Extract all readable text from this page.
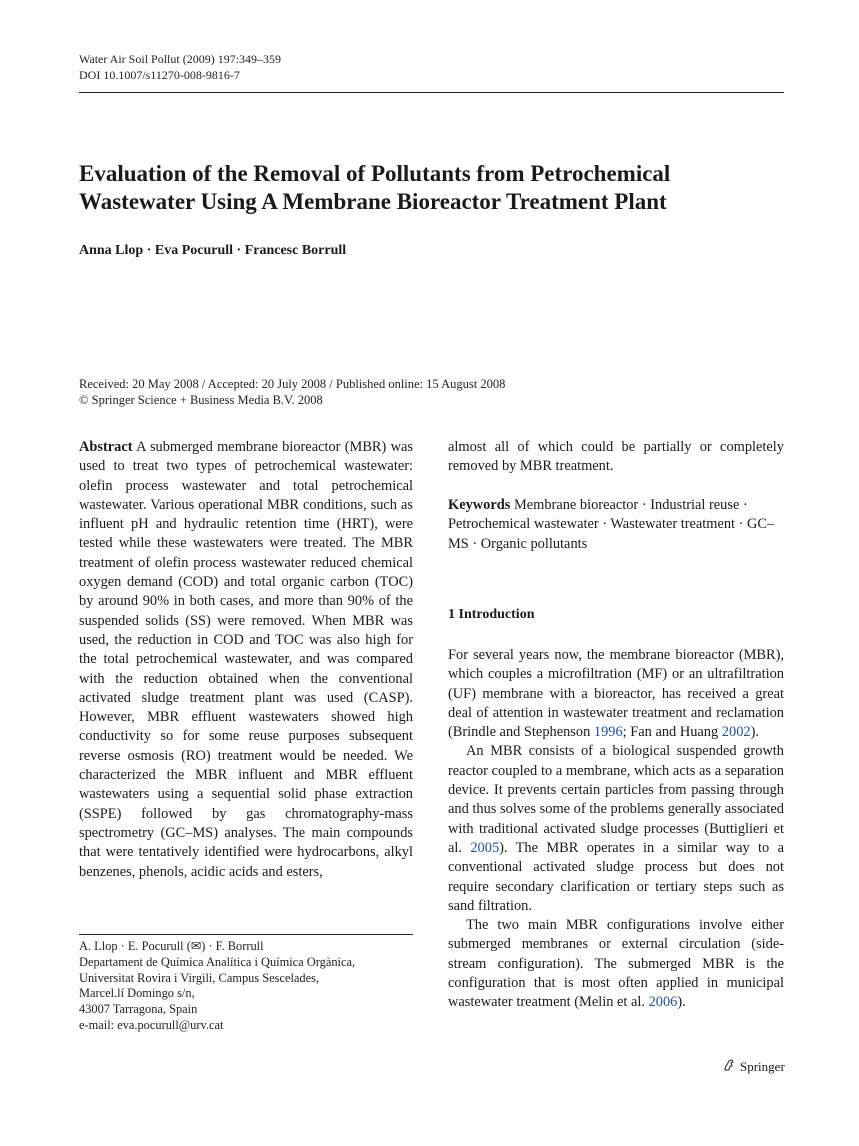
Water Air Soil Pollut (2009) 197:349–359
DOI 10.1007/s11270-008-9816-7
Evaluation of the Removal of Pollutants from Petrochemical
Wastewater Using A Membrane Bioreactor Treatment Plant
Anna Llop · Eva Pocurull · Francesc Borrull
Received: 20 May 2008 / Accepted: 20 July 2008 / Published online: 15 August 2008
© Springer Science + Business Media B.V. 2008

Abstract A submerged membrane bioreactor (MBR) was used to treat two types of petrochemical wastewater: olefin process wastewater and total petrochemical wastewater. Various operational MBR conditions, such as influent pH and hydraulic retention time (HRT), were tested while these wastewaters were treated. The MBR treatment of olefin process wastewater reduced chemical oxygen demand (COD) and total organic carbon (TOC) by around 90% in both cases, and more than 90% of the suspended solids (SS) were removed. When MBR was used, the reduction in COD and TOC was also high for the total petrochemical wastewater, and was compared with the reduction obtained when the conventional activated sludge treatment plant was used (CASP). However, MBR effluent wastewaters showed high conductivity so for some reuse purposes subsequent reverse osmosis (RO) treatment would be needed. We characterized the MBR influent and MBR effluent wastewaters using a sequential solid phase extraction (SSPE) followed by gas chromatography-mass spectrometry (GC–MS) analyses. The main compounds that were tentatively identified were hydrocarbons, alkyl benzenes, phenols, acidic acids and esters,

almost all of which could be partially or completely removed by MBR treatment.

Keywords Membrane bioreactor · Industrial reuse · Petrochemical wastewater · Wastewater treatment · GC–MS · Organic pollutants

1 Introduction

For several years now, the membrane bioreactor (MBR), which couples a microfiltration (MF) or an ultrafiltration (UF) membrane with a bioreactor, has received a great deal of attention in wastewater treatment and reclamation (Brindle and Stephenson 1996; Fan and Huang 2002).

An MBR consists of a biological suspended growth reactor coupled to a membrane, which acts as a separation device. It prevents certain particles from passing through and thus solves some of the problems generally associated with traditional activated sludge processes (Buttiglieri et al. 2005). The MBR operates in a similar way to a conventional activated sludge process but does not require secondary clarification or tertiary steps such as sand filtration.

The two main MBR configurations involve either submerged membranes or external circulation (side-stream configuration). The submerged MBR is the configuration that is most often applied in municipal wastewater treatment (Melin et al. 2006).

A. Llop · E. Pocurull (✉) · F. Borrull
Departament de Química Analítica i Química Orgànica,
Universitat Rovira i Virgili, Campus Sescelades,
Marcel.lí Domingo s/n,
43007 Tarragona, Spain
e-mail: eva.pocurull@urv.cat
Springer
